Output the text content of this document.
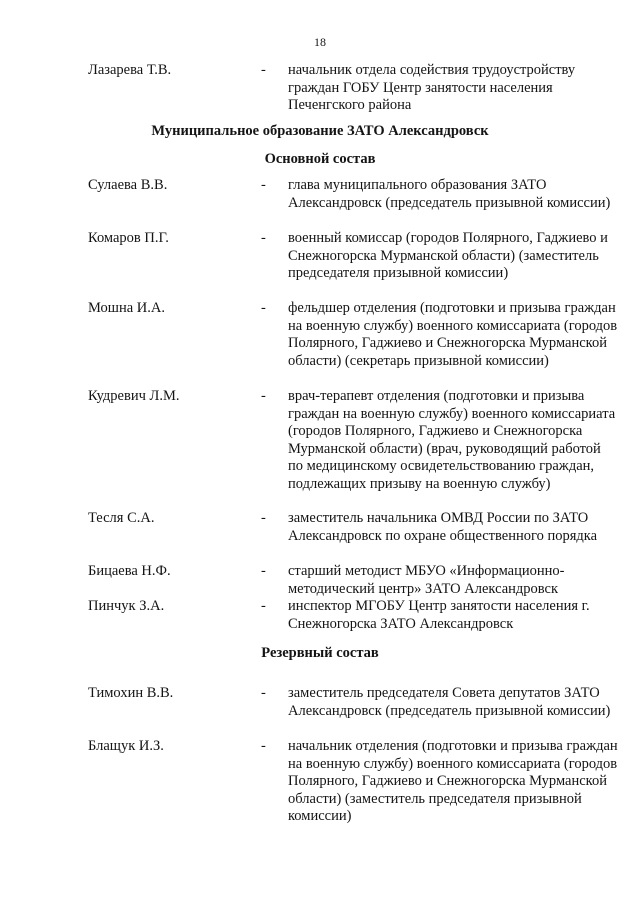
18
Лазарева Т.В.	- начальник отдела содействия трудоустройству граждан ГОБУ Центр занятости населения Печенгского района
Муниципальное образование ЗАТО Александровск
Основной состав
Сулаева В.В.	- глава муниципального образования ЗАТО Александровск (председатель призывной комиссии)
Комаров П.Г.	- военный комиссар (городов Полярного, Гаджиево и Снежногорска Мурманской области) (заместитель председателя призывной комиссии)
Мошна И.А.	- фельдшер отделения (подготовки и призыва граждан на военную службу) военного комиссариата (городов Полярного, Гаджиево и Снежногорска Мурманской области) (секретарь призывной комиссии)
Кудревич Л.М.	- врач-терапевт отделения (подготовки и призыва граждан на военную службу) военного комиссариата (городов Полярного, Гаджиево и Снежногорска Мурманской области) (врач, руководящий работой по медицинскому освидетельствованию граждан, подлежащих призыву на военную службу)
Тесля С.А.	- заместитель начальника ОМВД России по ЗАТО Александровск по охране общественного порядка
Бицаева Н.Ф.	- старший методист МБУО «Информационно-методический центр» ЗАТО Александровск
Пинчук З.А.	- инспектор МГОБУ Центр занятости населения г. Снежногорска ЗАТО Александровск
Резервный состав
Тимохин В.В.	- заместитель председателя Совета депутатов ЗАТО Александровск (председатель призывной комиссии)
Блащук И.З.	- начальник отделения (подготовки и призыва граждан на военную службу) военного комиссариата (городов Полярного, Гаджиево и Снежногорска Мурманской области) (заместитель председателя призывной комиссии)
